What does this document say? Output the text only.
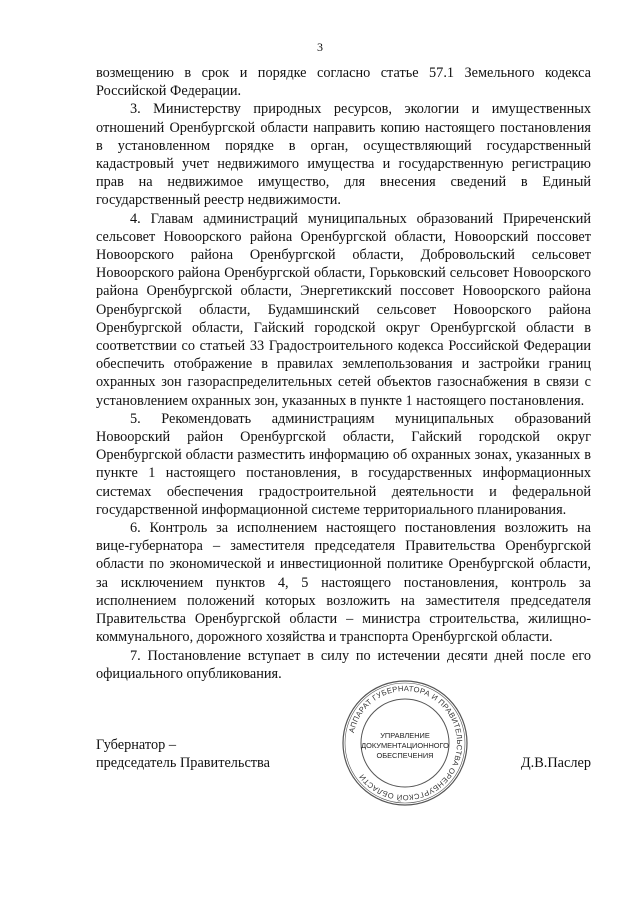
3

возмещению в срок и порядке согласно статье 57.1 Земельного кодекса Российской Федерации.

3. Министерству природных ресурсов, экологии и имущественных отношений Оренбургской области направить копию настоящего постановления в установленном порядке в орган, осуществляющий государственный кадастровый учет недвижимого имущества и государственную регистрацию прав на недвижимое имущество, для внесения сведений в Единый государственный реестр недвижимости.

4. Главам администраций муниципальных образований Приреченский сельсовет Новоорского района Оренбургской области, Новоорский поссовет Новоорского района Оренбургской области, Добровольский сельсовет Новоорского района Оренбургской области, Горьковский сельсовет Новоорского района Оренбургской области, Энергетикский поссовет Новоорского района Оренбургской области, Будамшинский сельсовет Новоорского района Оренбургской области, Гайский городской округ Оренбургской области в соответствии со статьей 33 Градостроительного кодекса Российской Федерации обеспечить отображение в правилах землепользования и застройки границ охранных зон газораспределительных сетей объектов газоснабжения в связи с установлением охранных зон, указанных в пункте 1 настоящего постановления.

5. Рекомендовать администрациям муниципальных образований Новоорский район Оренбургской области, Гайский городской округ Оренбургской области разместить информацию об охранных зонах, указанных в пункте 1 настоящего постановления, в государственных информационных системах обеспечения градостроительной деятельности и федеральной государственной информационной системе территориального планирования.

6. Контроль за исполнением настоящего постановления возложить на вице-губернатора – заместителя председателя Правительства Оренбургской области по экономической и инвестиционной политике Оренбургской области, за исключением пунктов 4, 5 настоящего постановления, контроль за исполнением положений которых возложить на заместителя председателя Правительства Оренбургской области – министра строительства, жилищно-коммунального, дорожного хозяйства и транспорта Оренбургской области.

7. Постановление вступает в силу по истечении десяти дней после его официального опубликования.

АППАРАТ ГУБЕРНАТОРА И ПРАВИТЕЛЬСТВА ОРЕНБУРГСКОЙ ОБЛАСТИ
УПРАВЛЕНИЕ
ДОКУМЕНТАЦИОННОГО
ОБЕСПЕЧЕНИЯ
Губернатор –
председатель Правительства	Д.В.Паслер
